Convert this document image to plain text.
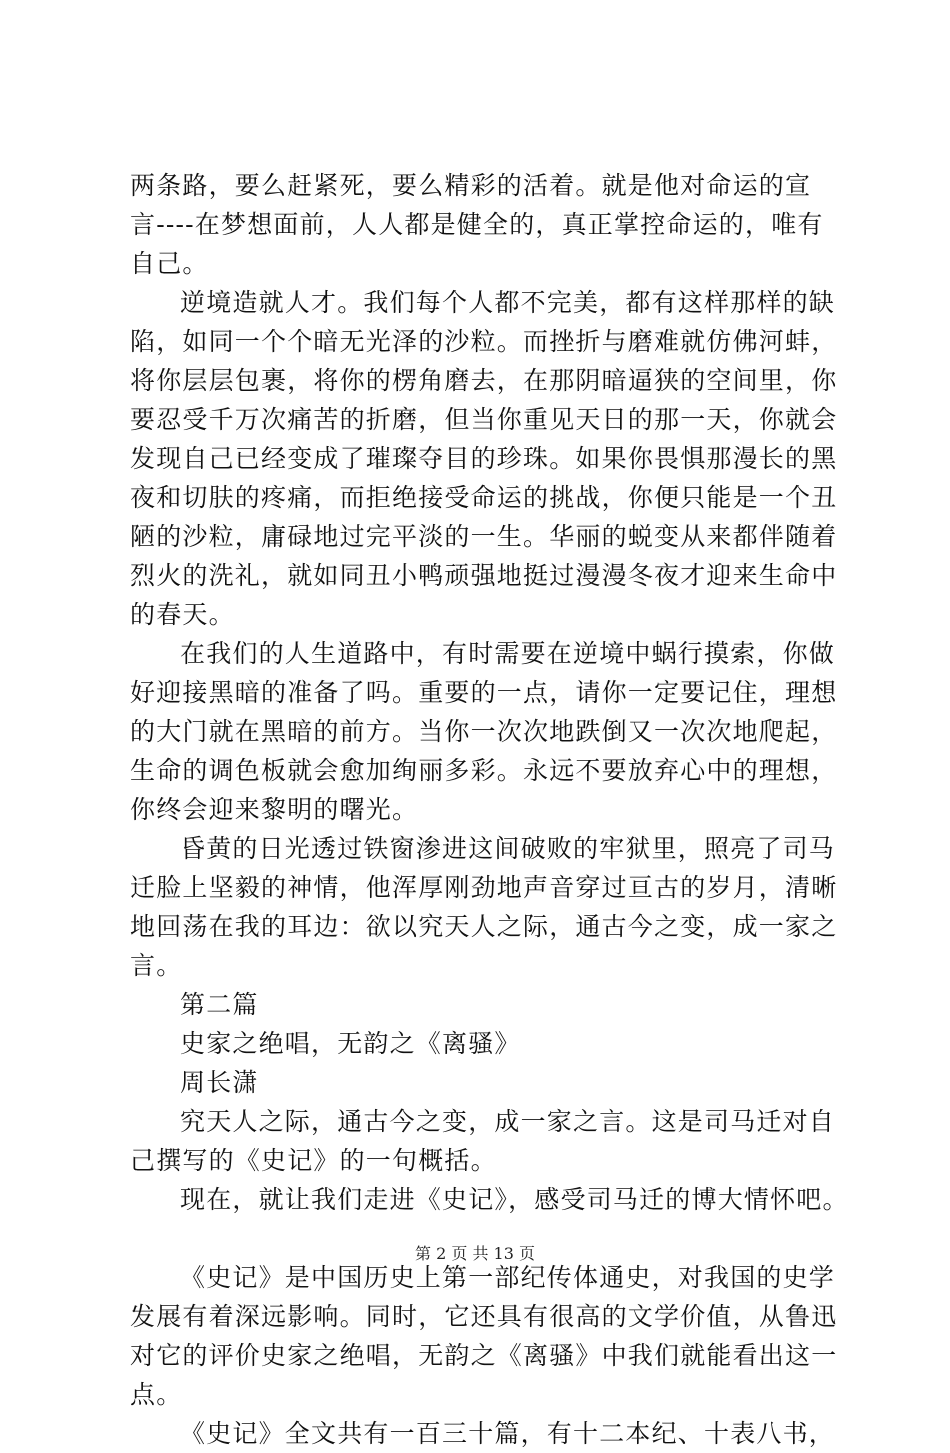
两条路，要么赶紧死，要么精彩的活着。就是他对命运的宣
言----在梦想面前，人人都是健全的，真正掌控命运的，唯有
自己。
逆境造就人才。我们每个人都不完美，都有这样那样的缺
陷，如同一个个暗无光泽的沙粒。而挫折与磨难就仿佛河蚌，
将你层层包裹，将你的楞角磨去，在那阴暗逼狭的空间里，你
要忍受千万次痛苦的折磨，但当你重见天日的那一天，你就会
发现自己已经变成了璀璨夺目的珍珠。如果你畏惧那漫长的黑
夜和切肤的疼痛，而拒绝接受命运的挑战，你便只能是一个丑
陋的沙粒，庸碌地过完平淡的一生。华丽的蜕变从来都伴随着
烈火的洗礼，就如同丑小鸭顽强地挺过漫漫冬夜才迎来生命中
的春天。
在我们的人生道路中，有时需要在逆境中蜗行摸索，你做
好迎接黑暗的准备了吗。重要的一点，请你一定要记住，理想
的大门就在黑暗的前方。当你一次次地跌倒又一次次地爬起，
生命的调色板就会愈加绚丽多彩。永远不要放弃心中的理想，
你终会迎来黎明的曙光。
昏黄的日光透过铁窗渗进这间破败的牢狱里，照亮了司马
迁脸上坚毅的神情，他浑厚刚劲地声音穿过亘古的岁月，清晰
地回荡在我的耳边：欲以究天人之际，通古今之变，成一家之
言。
第二篇
史家之绝唱，无韵之《离骚》
周长潇
究天人之际，通古今之变，成一家之言。这是司马迁对自
己撰写的《史记》的一句概括。
现在，就让我们走进《史记》，感受司马迁的博大情怀吧。
《史记》是中国历史上第一部纪传体通史，对我国的史学
发展有着深远影响。同时，它还具有很高的文学价值，从鲁迅
对它的评价史家之绝唱，无韵之《离骚》中我们就能看出这一
点。
《史记》全文共有一百三十篇，有十二本纪、十表八书，
第 2 页 共 13 页
